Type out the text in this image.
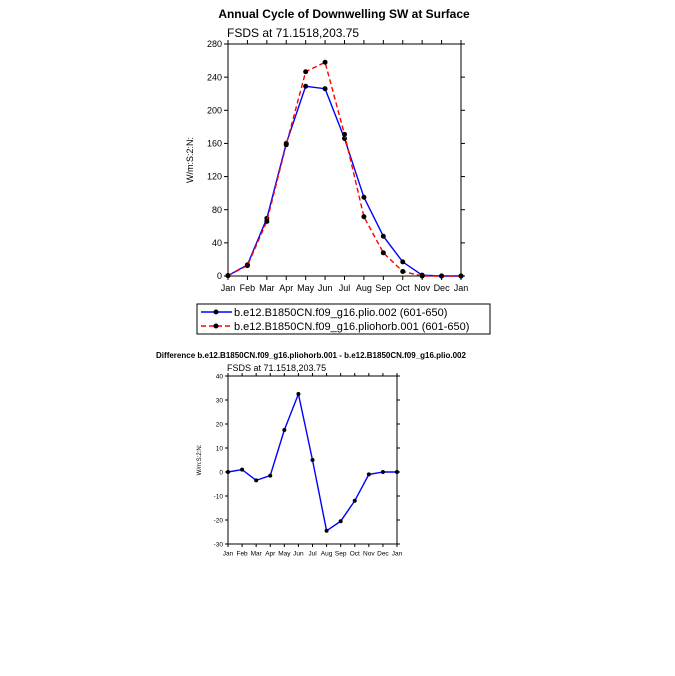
Annual Cycle of Downwelling SW at Surface
FSDS at 71.1518,203.75
W/m:S:2:N:
0
40
80
120
160
200
240
280
Jan Feb Mar Apr May Jun Jul Aug Sep Oct Nov Dec Jan
b.e12.B1850CN.f09_g16.plio.002 (601-650)
b.e12.B1850CN.f09_g16.pliohorb.001 (601-650)
Difference b.e12.B1850CN.f09_g16.pliohorb.001 - b.e12.B1850CN.f09_g16.plio.002
FSDS at 71.1518,203.75
W/m:S:2:N:
-30
-20
-10
0
10
20
30
40
Jan Feb Mar Apr May Jun Jul Aug Sep Oct Nov Dec Jan
